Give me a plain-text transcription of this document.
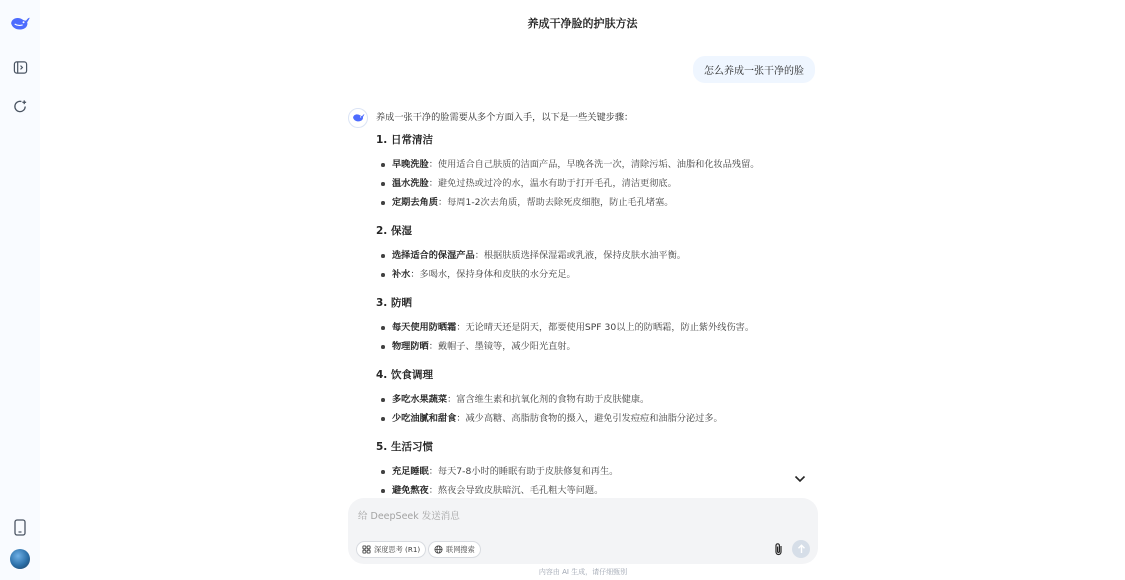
养成干净脸的护肤方法
怎么养成一张干净的脸

养成一张干净的脸需要从多个方面入手，以下是一些关键步骤：

1. 日常清洁
早晚洗脸：使用适合自己肤质的洁面产品，早晚各洗一次，清除污垢、油脂和化妆品残留。
温水洗脸：避免过热或过冷的水，温水有助于打开毛孔，清洁更彻底。
定期去角质：每周1-2次去角质，帮助去除死皮细胞，防止毛孔堵塞。
2. 保湿
选择适合的保湿产品：根据肤质选择保湿霜或乳液，保持皮肤水油平衡。
补水：多喝水，保持身体和皮肤的水分充足。
3. 防晒
每天使用防晒霜：无论晴天还是阴天，都要使用SPF 30以上的防晒霜，防止紫外线伤害。
物理防晒：戴帽子、墨镜等，减少阳光直射。
4. 饮食调理
多吃水果蔬菜：富含维生素和抗氧化剂的食物有助于皮肤健康。
少吃油腻和甜食：减少高糖、高脂肪食物的摄入，避免引发痘痘和油脂分泌过多。
5. 生活习惯
充足睡眠：每天7-8小时的睡眠有助于皮肤修复和再生。
避免熬夜：熬夜会导致皮肤暗沉、毛孔粗大等问题。
给 DeepSeek 发送消息
深度思考 (R1)	联网搜索
内容由 AI 生成，请仔细甄别
